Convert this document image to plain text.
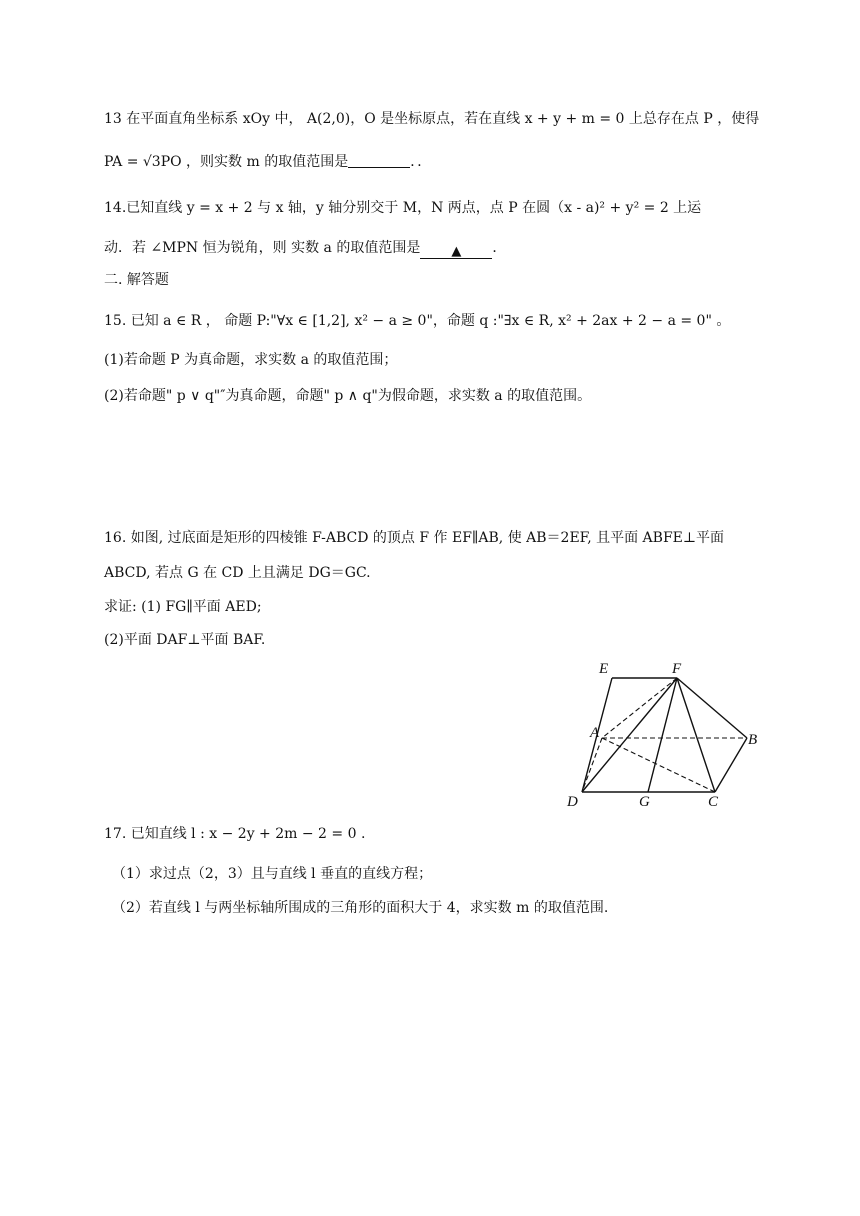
13 在平面直角坐标系 xOy 中， A(2,0)，O 是坐标原点，若在直线 x + y + m = 0 上总存在点 P ，使得
PA = √3PO ，则实数 m 的取值范围是	．．
14.已知直线 y = x + 2 与 x 轴，y 轴分别交于 M，N 两点，点 P 在圆（x - a)² + y² = 2 上运
动．若 ∠MPN 恒为锐角，则 实数 a 的取值范围是 ▲ ．
二. 解答题
15. 已知 a ∈ R ， 命题 P:"∀x ∈ [1,2], x² − a ≥ 0"，命题 q :"∃x ∈ R, x² + 2ax + 2 − a = 0" 。
(1)若命题 P 为真命题，求实数 a 的取值范围；
(2)若命题" p ∨ q"″为真命题，命题" p ∧ q"为假命题，求实数 a 的取值范围。
16. 如图, 过底面是矩形的四棱锥 F-ABCD 的顶点 F 作 EF∥AB, 使 AB＝2EF, 且平面 ABFE⊥平面
ABCD, 若点 G 在 CD 上且满足 DG＝GC.
求证: (1) FG∥平面 AED;
(2)平面 DAF⊥平面 BAF.
E	F
A	B
D	G	C
17. 已知直线 l : x − 2y + 2m − 2 = 0 .
（1）求过点（2，3）且与直线 l 垂直的直线方程；
（2）若直线 l 与两坐标轴所围成的三角形的面积大于 4，求实数 m 的取值范围.
